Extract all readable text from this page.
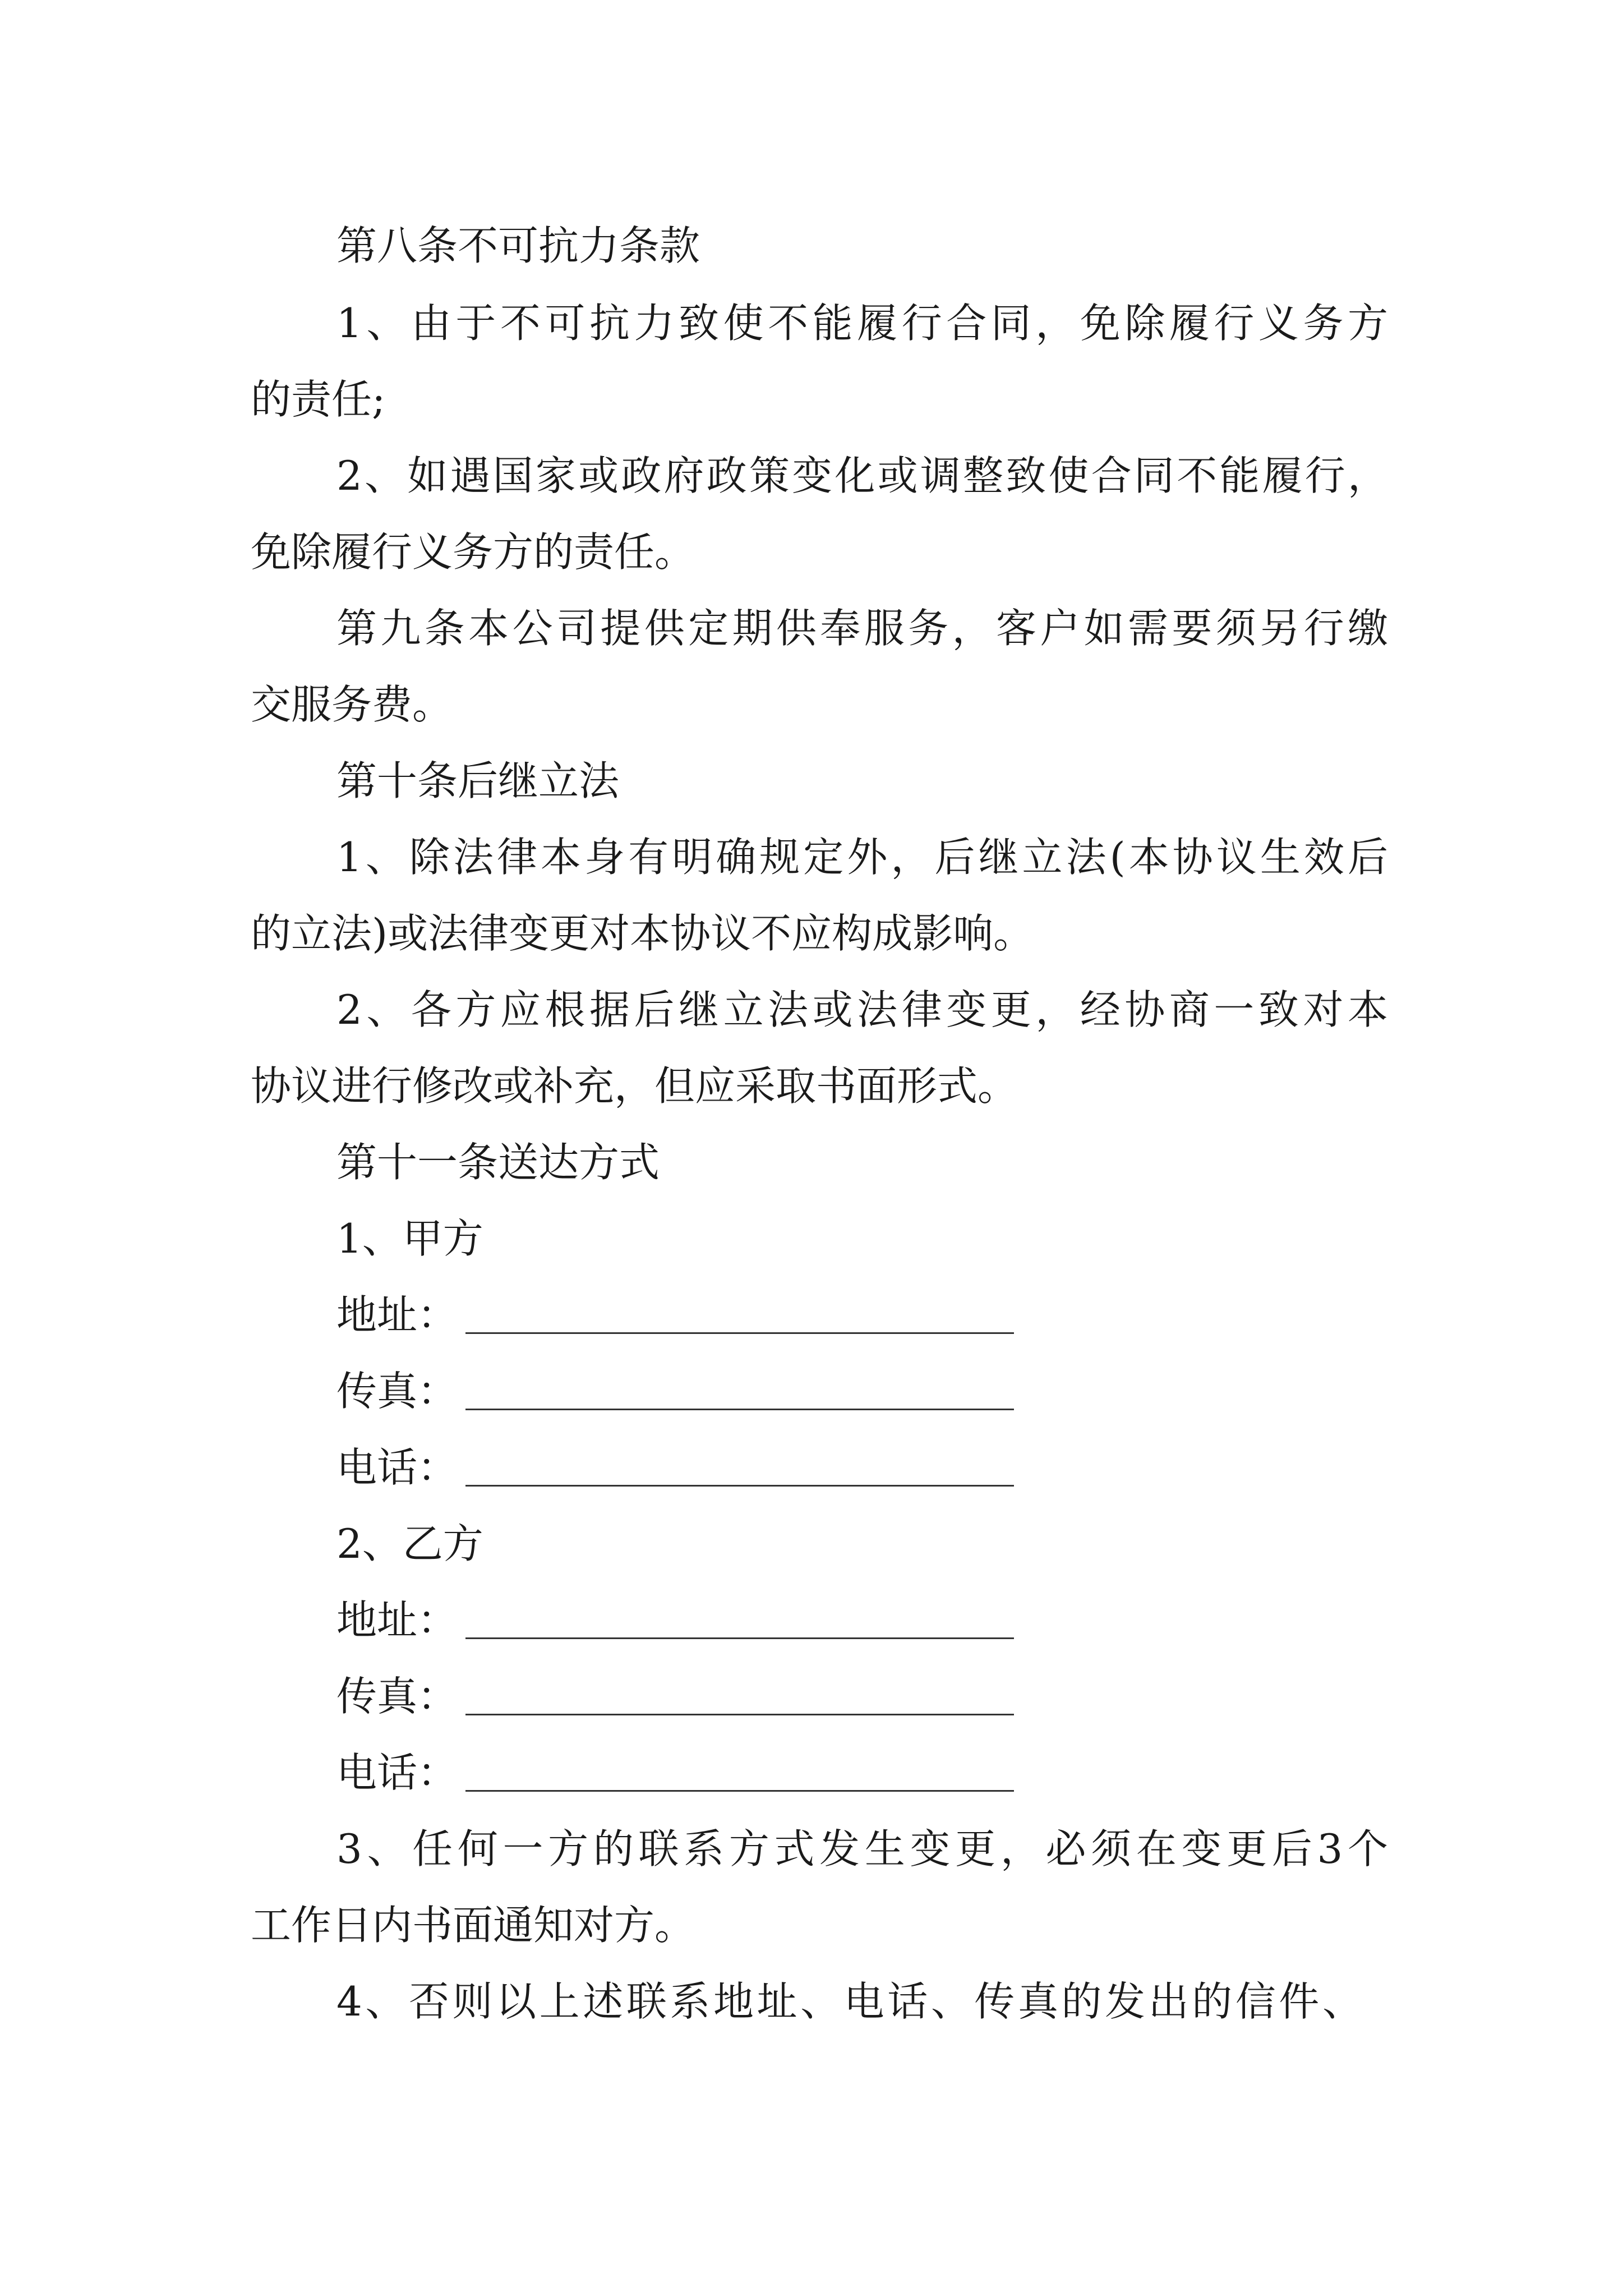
第八条不可抗力条款
1、由于不可抗力致使不能履行合同，免除履行义务方
的责任;
2、如遇国家或政府政策变化或调整致使合同不能履行，
免除履行义务方的责任。
第九条本公司提供定期供奉服务，客户如需要须另行缴
交服务费。
第十条后继立法
1、除法律本身有明确规定外，后继立法(本协议生效后
的立法)或法律变更对本协议不应构成影响。
2、各方应根据后继立法或法律变更，经协商一致对本
协议进行修改或补充，但应采取书面形式。
第十一条送达方式
1、甲方
地址：
传真：
电话：
2、乙方
地址：
传真：
电话：
3、任何一方的联系方式发生变更，必须在变更后3个
工作日内书面通知对方。
4、否则以上述联系地址、电话、传真的发出的信件、
